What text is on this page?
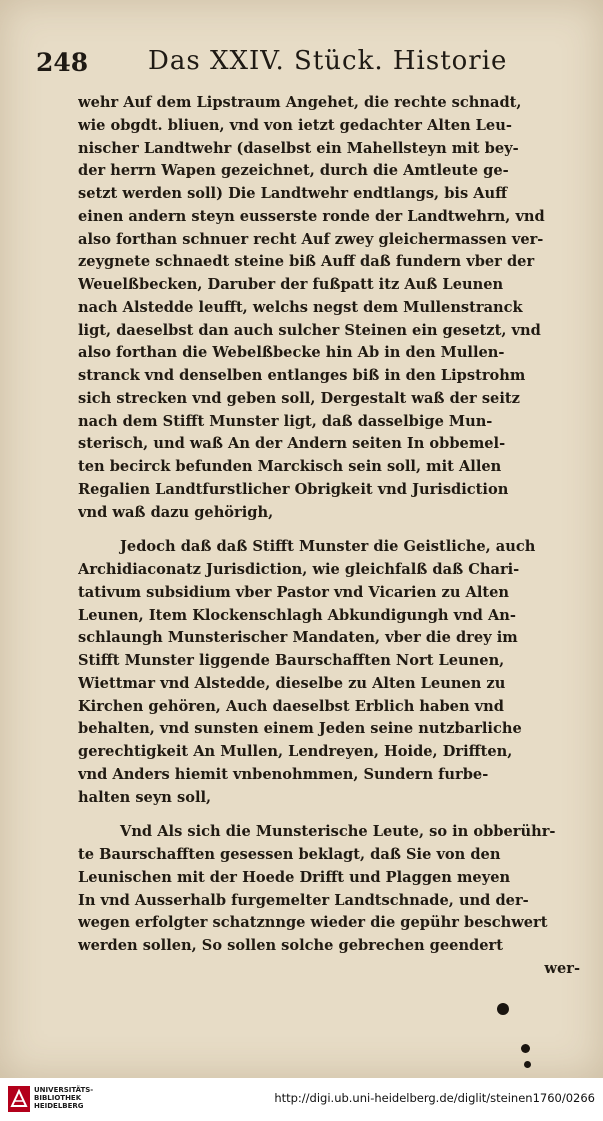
248 Das XXIV. Stück. Historie
wehr Auf dem Lipstraum Angehet, die rechte schnadt,
wie obgdt. bliuen, vnd von ietzt gedachter Alten Leu-
nischer Landtwehr (daselbst ein Mahellsteyn mit bey-
der herrn Wapen gezeichnet, durch die Amtleute ge-
setzt werden soll) Die Landtwehr endtlangs, bis Auff
einen andern steyn eusserste ronde der Landtwehrn, vnd
also forthan schnuer recht Auf zwey gleichermassen ver-
zeygnete schnaedt steine biß Auff daß fundern vber der
Weuelßbecken, Daruber der fußpatt itz Auß Leunen
nach Alstedde leufft, welchs negst dem Mullenstranck
ligt, daeselbst dan auch sulcher Steinen ein gesetzt, vnd
also forthan die Webelßbecke hin Ab in den Mullen-
stranck vnd denselben entlanges biß in den Lipstrohm
sich strecken vnd geben soll, Dergestalt waß der seitz
nach dem Stifft Munster ligt, daß dasselbige Mun-
sterisch, und waß An der Andern seiten In obbemel-
ten becirck befunden Marckisch sein soll, mit Allen
Regalien Landtfurstlicher Obrigkeit vnd Jurisdiction
vnd waß dazu gehörigh,
Jedoch daß daß Stifft Munster die Geistliche, auch
Archidiaconatz Jurisdiction, wie gleichfalß daß Chari-
tativum subsidium vber Pastor vnd Vicarien zu Alten
Leunen, Item Klockenschlagh Abkundigungh vnd An-
schlaungh Munsterischer Mandaten, vber die drey im
Stifft Munster liggende Baurschafften Nort Leunen,
Wiettmar vnd Alstedde, dieselbe zu Alten Leunen zu
Kirchen gehören, Auch daeselbst Erblich haben vnd
behalten, vnd sunsten einem Jeden seine nutzbarliche
gerechtigkeit An Mullen, Lendreyen, Hoide, Drifften,
vnd Anders hiemit vnbenohmmen, Sundern furbe-
halten seyn soll,
Vnd Als sich die Munsterische Leute, so in obberühr-
te Baurschafften gesessen beklagt, daß Sie von den
Leunischen mit der Hoede Drifft und Plaggen meyen
In vnd Ausserhalb furgemelter Landtschnade, und der-
wegen erfolgter schatznnge wieder die gepühr beschwert
werden sollen, So sollen solche gebrechen geendert
wer-
UNIVERSITÄTS- BIBLIOTHEK HEIDELBERG
http://digi.ub.uni-heidelberg.de/diglit/steinen1760/0266
